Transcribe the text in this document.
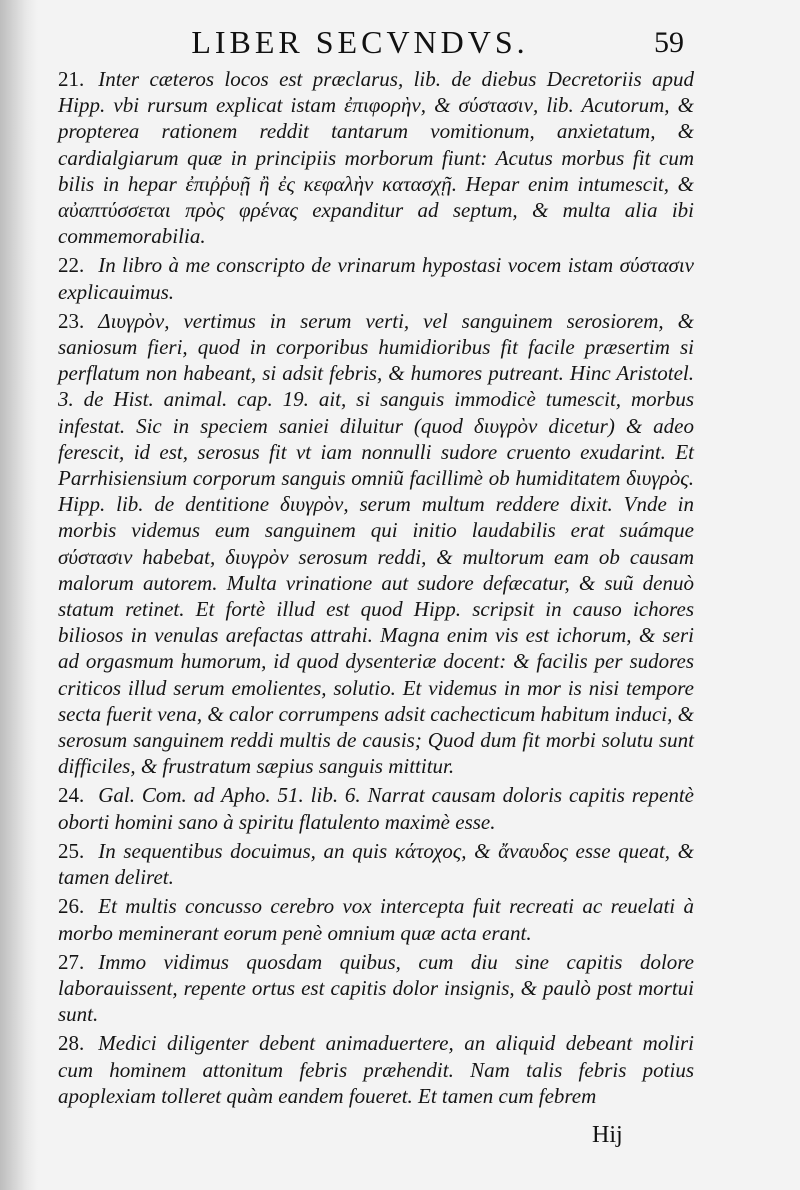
LIBER SECVNDVS.	59

21. Inter cæteros locos est præclarus, lib. de diebus Decretoriis apud Hipp. vbi rursum explicat istam ἐπιφορὴν, & σύστασιν, lib. Acutorum, & propterea rationem reddit tantarum vomitionum, anxietatum, & cardialgiarum quæ in principiis morborum fiunt: Acutus morbus fit cum bilis in hepar ἐπιῤῥυῇ ἢ ἐς κεφαλὴν κατασχῇ. Hepar enim intumescit, & αὐαπτύσσεται πρὸς φρένας expanditur ad septum, & multa alia ibi commemorabilia.

22. In libro à me conscripto de vrinarum hypostasi vocem istam σύστασιν explicauimus.

23. Διυγρὸν, vertimus in serum verti, vel sanguinem serosiorem, & saniosum fieri, quod in corporibus humidioribus fit facile præsertim si perflatum non habeant, si adsit febris, & humores putreant. Hinc Aristotel. 3. de Hist. animal. cap. 19. ait, si sanguis immodicè tumescit, morbus infestat. Sic in speciem saniei diluitur (quod διυγρὸν dicetur) & adeo ferescit, id est, serosus fit vt iam nonnulli sudore cruento exudarint. Et Parrhisiensium corporum sanguis omniũ facillimè ob humiditatem διυγρὸς. Hipp. lib. de dentitione διυγρὸν, serum multum reddere dixit. Vnde in morbis videmus eum sanguinem qui initio laudabilis erat suámque σύστασιν habebat, διυγρὸν serosum reddi, & multorum eam ob causam malorum autorem. Multa vrinatione aut sudore defæcatur, & suũ denuò statum retinet. Et fortè illud est quod Hipp. scripsit in causo ichores biliosos in venulas arefactas attrahi. Magna enim vis est ichorum, & seri ad orgasmum humorum, id quod dysenteriæ docent: & facilis per sudores criticos illud serum emolientes, solutio. Et videmus in mor is nisi tempore secta fuerit vena, & calor corrumpens adsit cachecticum habitum induci, & serosum sanguinem reddi multis de causis; Quod dum fit morbi solutu sunt difficiles, & frustratum sæpius sanguis mittitur.

24. Gal. Com. ad Apho. 51. lib. 6. Narrat causam doloris capitis repentè oborti homini sano à spiritu flatulento maximè esse.

25. In sequentibus docuimus, an quis κάτοχος, & ἄναυδος esse queat, & tamen deliret.

26. Et multis concusso cerebro vox intercepta fuit recreati ac reuelati à morbo meminerant eorum penè omnium quæ acta erant.

27. Immo vidimus quosdam quibus, cum diu sine capitis dolore laborauissent, repente ortus est capitis dolor insignis, & paulò post mortui sunt.

28. Medici diligenter debent animaduertere, an aliquid debeant moliri cum hominem attonitum febris præhendit. Nam talis febris potius apoplexiam tolleret quàm eandem foueret. Et tamen cum febrem

Hij
